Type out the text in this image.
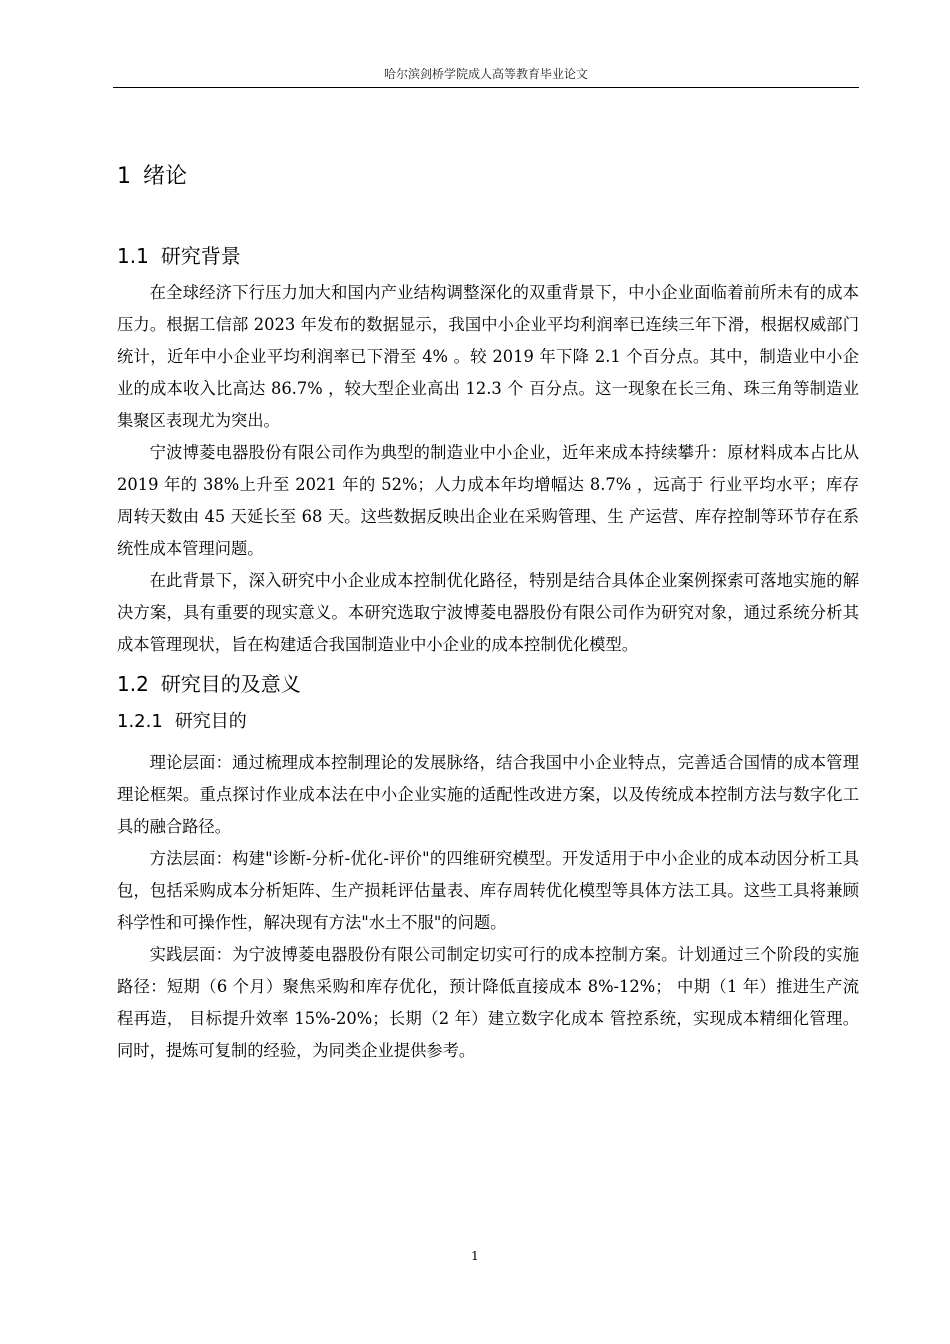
哈尔滨剑桥学院成人高等教育毕业论文
1 绪论
1.1 研究背景

在全球经济下行压力加大和国内产业结构调整深化的双重背景下，中小企业面临着前所未有的成本压力。根据工信部 2023 年发布的数据显示，我国中小企业平均利润率已连续三年下滑，根据权威部门统计，近年中小企业平均利润率已下滑至 4% 。较 2019 年下降 2.1 个百分点。其中，制造业中小企业的成本收入比高达 86.7% ，较大型企业高出 12.3 个 百分点。这一现象在长三角、珠三角等制造业集聚区表现尤为突出。

宁波博菱电器股份有限公司作为典型的制造业中小企业，近年来成本持续攀升：原材料成本占比从 2019 年的 38%上升至 2021 年的 52%；人力成本年均增幅达 8.7% ，远高于 行业平均水平；库存周转天数由 45 天延长至 68 天。这些数据反映出企业在采购管理、生 产运营、库存控制等环节存在系统性成本管理问题。

在此背景下，深入研究中小企业成本控制优化路径，特别是结合具体企业案例探索可落地实施的解决方案，具有重要的现实意义。本研究选取宁波博菱电器股份有限公司作为研究对象，通过系统分析其成本管理现状，旨在构建适合我国制造业中小企业的成本控制优化模型。

1.2 研究目的及意义
1.2.1 研究目的

理论层面：通过梳理成本控制理论的发展脉络，结合我国中小企业特点，完善适合国情的成本管理理论框架。重点探讨作业成本法在中小企业实施的适配性改进方案，以及传统成本控制方法与数字化工具的融合路径。

方法层面：构建"诊断-分析-优化-评价"的四维研究模型。开发适用于中小企业的成本动因分析工具包，包括采购成本分析矩阵、生产损耗评估量表、库存周转优化模型等具体方法工具。这些工具将兼顾科学性和可操作性，解决现有方法"水土不服"的问题。

实践层面：为宁波博菱电器股份有限公司制定切实可行的成本控制方案。计划通过三个阶段的实施路径：短期（6 个月）聚焦采购和库存优化，预计降低直接成本 8%-12%； 中期（1 年）推进生产流程再造， 目标提升效率 15%-20%；长期（2 年）建立数字化成本 管控系统，实现成本精细化管理。同时，提炼可复制的经验，为同类企业提供参考。

1
